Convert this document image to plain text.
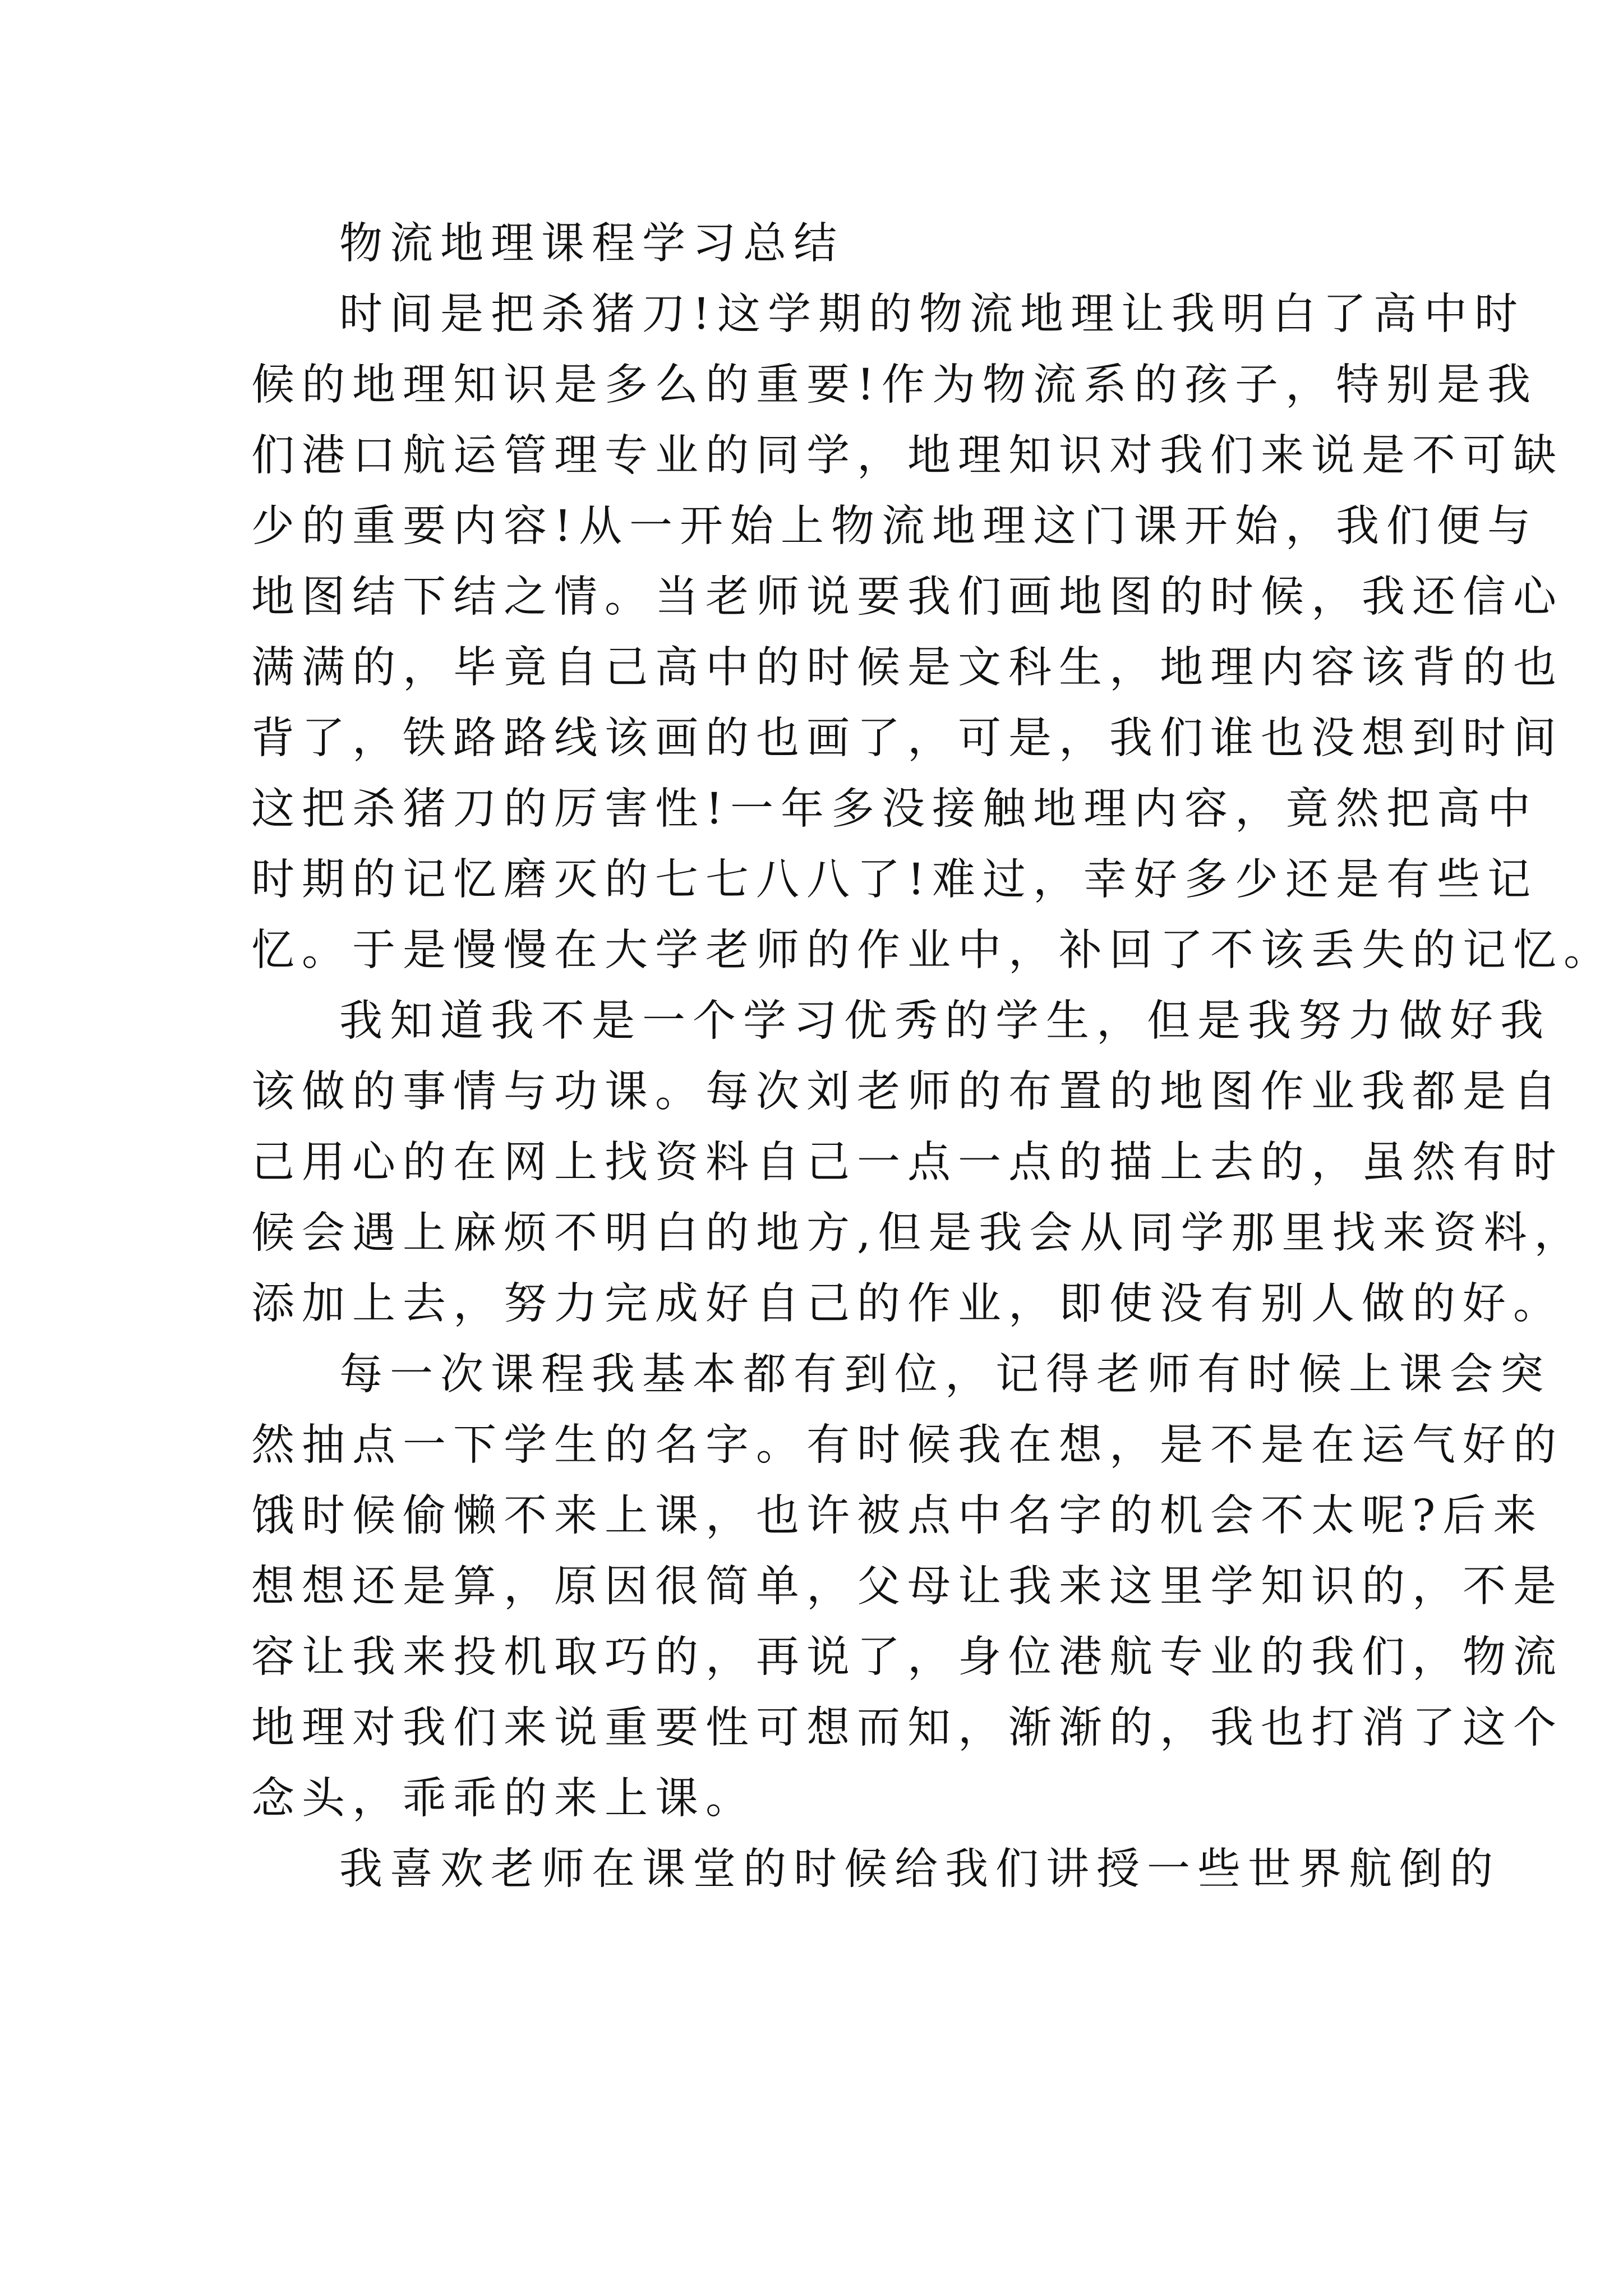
物流地理课程学习总结
时间是把杀猪刀!这学期的物流地理让我明白了高中时
候的地理知识是多么的重要!作为物流系的孩子，特别是我
们港口航运管理专业的同学，地理知识对我们来说是不可缺
少的重要内容!从一开始上物流地理这门课开始，我们便与
地图结下结之情。当老师说要我们画地图的时候，我还信心
满满的，毕竟自己高中的时候是文科生，地理内容该背的也
背了，铁路路线该画的也画了，可是，我们谁也没想到时间
这把杀猪刀的厉害性!一年多没接触地理内容，竟然把高中
时期的记忆磨灭的七七八八了!难过，幸好多少还是有些记
忆。于是慢慢在大学老师的作业中，补回了不该丢失的记忆。
我知道我不是一个学习优秀的学生，但是我努力做好我
该做的事情与功课。每次刘老师的布置的地图作业我都是自
己用心的在网上找资料自己一点一点的描上去的，虽然有时
候会遇上麻烦不明白的地方,但是我会从同学那里找来资料，
添加上去，努力完成好自己的作业，即使没有别人做的好。
每一次课程我基本都有到位，记得老师有时候上课会突
然抽点一下学生的名字。有时候我在想，是不是在运气好的
饿时候偷懒不来上课，也许被点中名字的机会不太呢?后来
想想还是算，原因很简单，父母让我来这里学知识的，不是
容让我来投机取巧的，再说了，身位港航专业的我们，物流
地理对我们来说重要性可想而知，渐渐的，我也打消了这个
念头，乖乖的来上课。
我喜欢老师在课堂的时候给我们讲授一些世界航倒的
